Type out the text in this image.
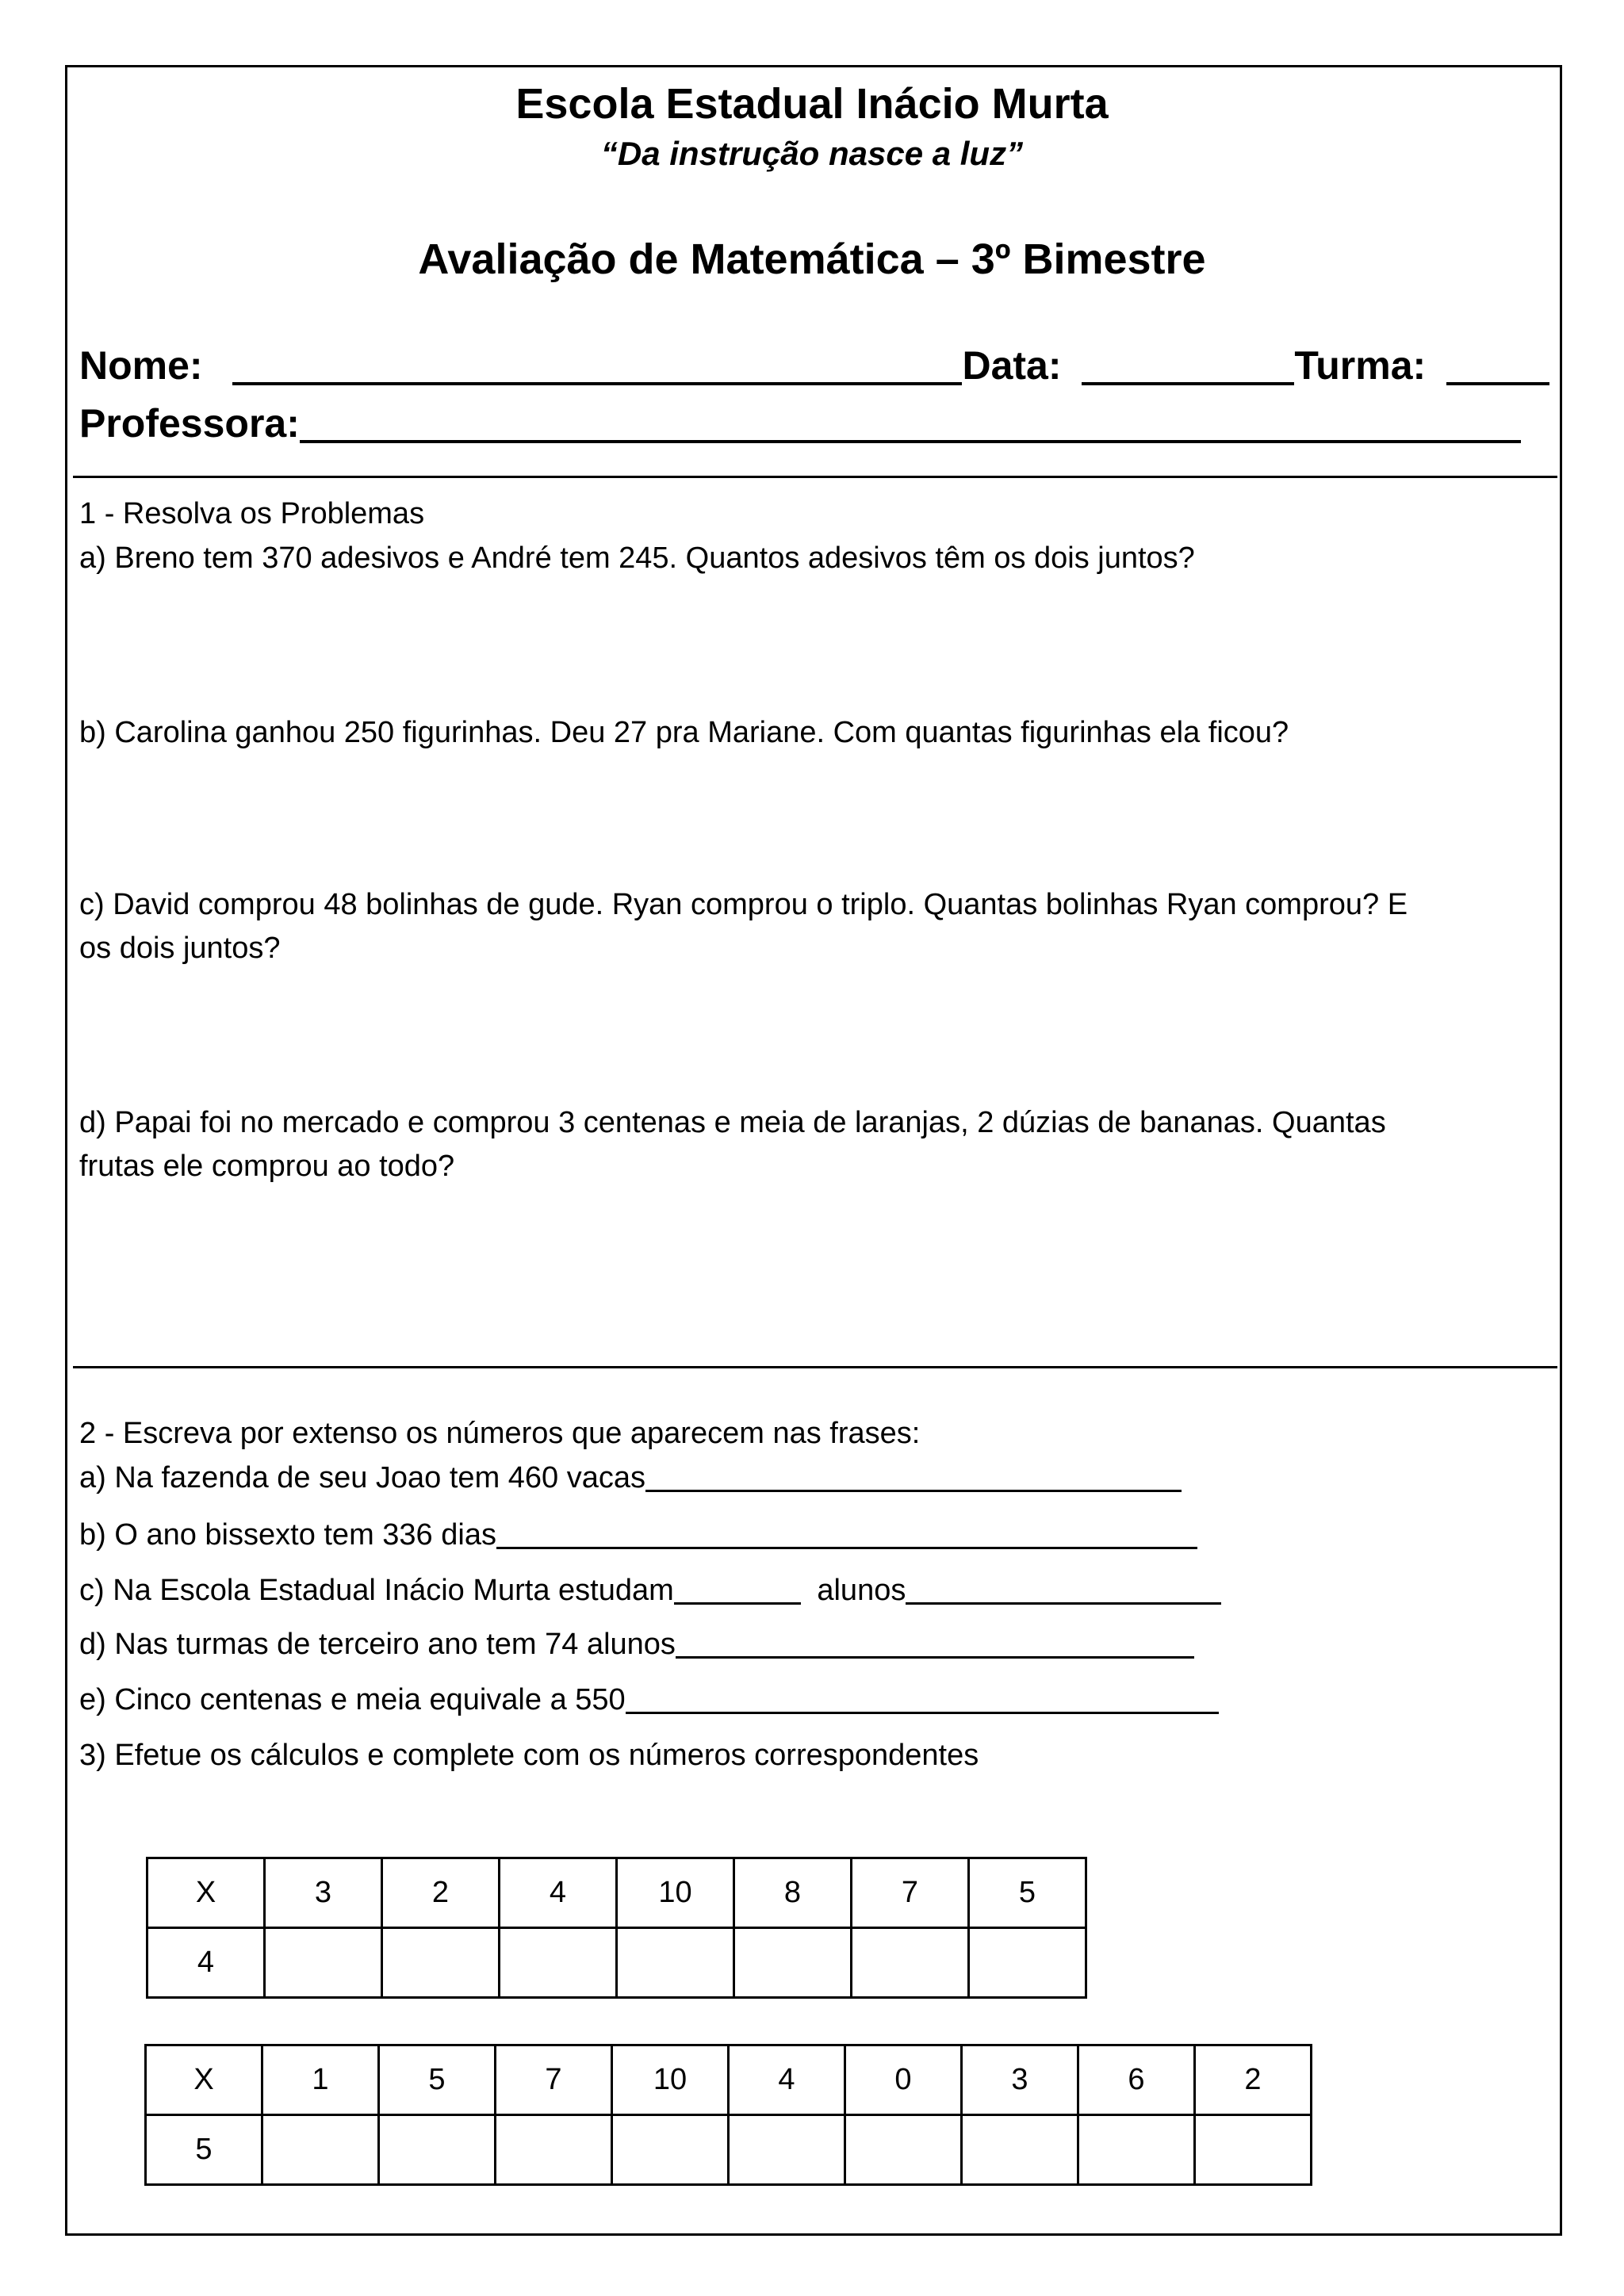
Escola Estadual Inácio Murta
“Da instrução nasce a luz”
Avaliação de Matemática – 3º Bimestre
Nome:	Data:	Turma:
Professora:
1 - Resolva os Problemas
a) Breno tem 370 adesivos e André tem 245. Quantos adesivos têm os dois juntos?
b) Carolina ganhou 250 figurinhas. Deu 27 pra Mariane. Com quantas figurinhas ela ficou?
c) David comprou 48 bolinhas de gude. Ryan comprou o triplo. Quantas bolinhas Ryan comprou? E
os dois juntos?
d) Papai foi no mercado e comprou 3 centenas e meia de laranjas, 2 dúzias de bananas. Quantas
frutas ele comprou ao todo?
2 - Escreva por extenso os números que aparecem nas frases:
a) Na fazenda de seu Joao tem 460 vacas
b) O ano bissexto tem 336 dias
c) Na Escola Estadual Inácio Murta estudam	alunos
d) Nas turmas de terceiro ano tem 74 alunos
e) Cinco centenas e meia equivale a 550
3) Efetue os cálculos e complete com os números correspondentes
X	3	2	4	10	8	7	5
4							
X	1	5	7	10	4	0	3	6	2
5									
